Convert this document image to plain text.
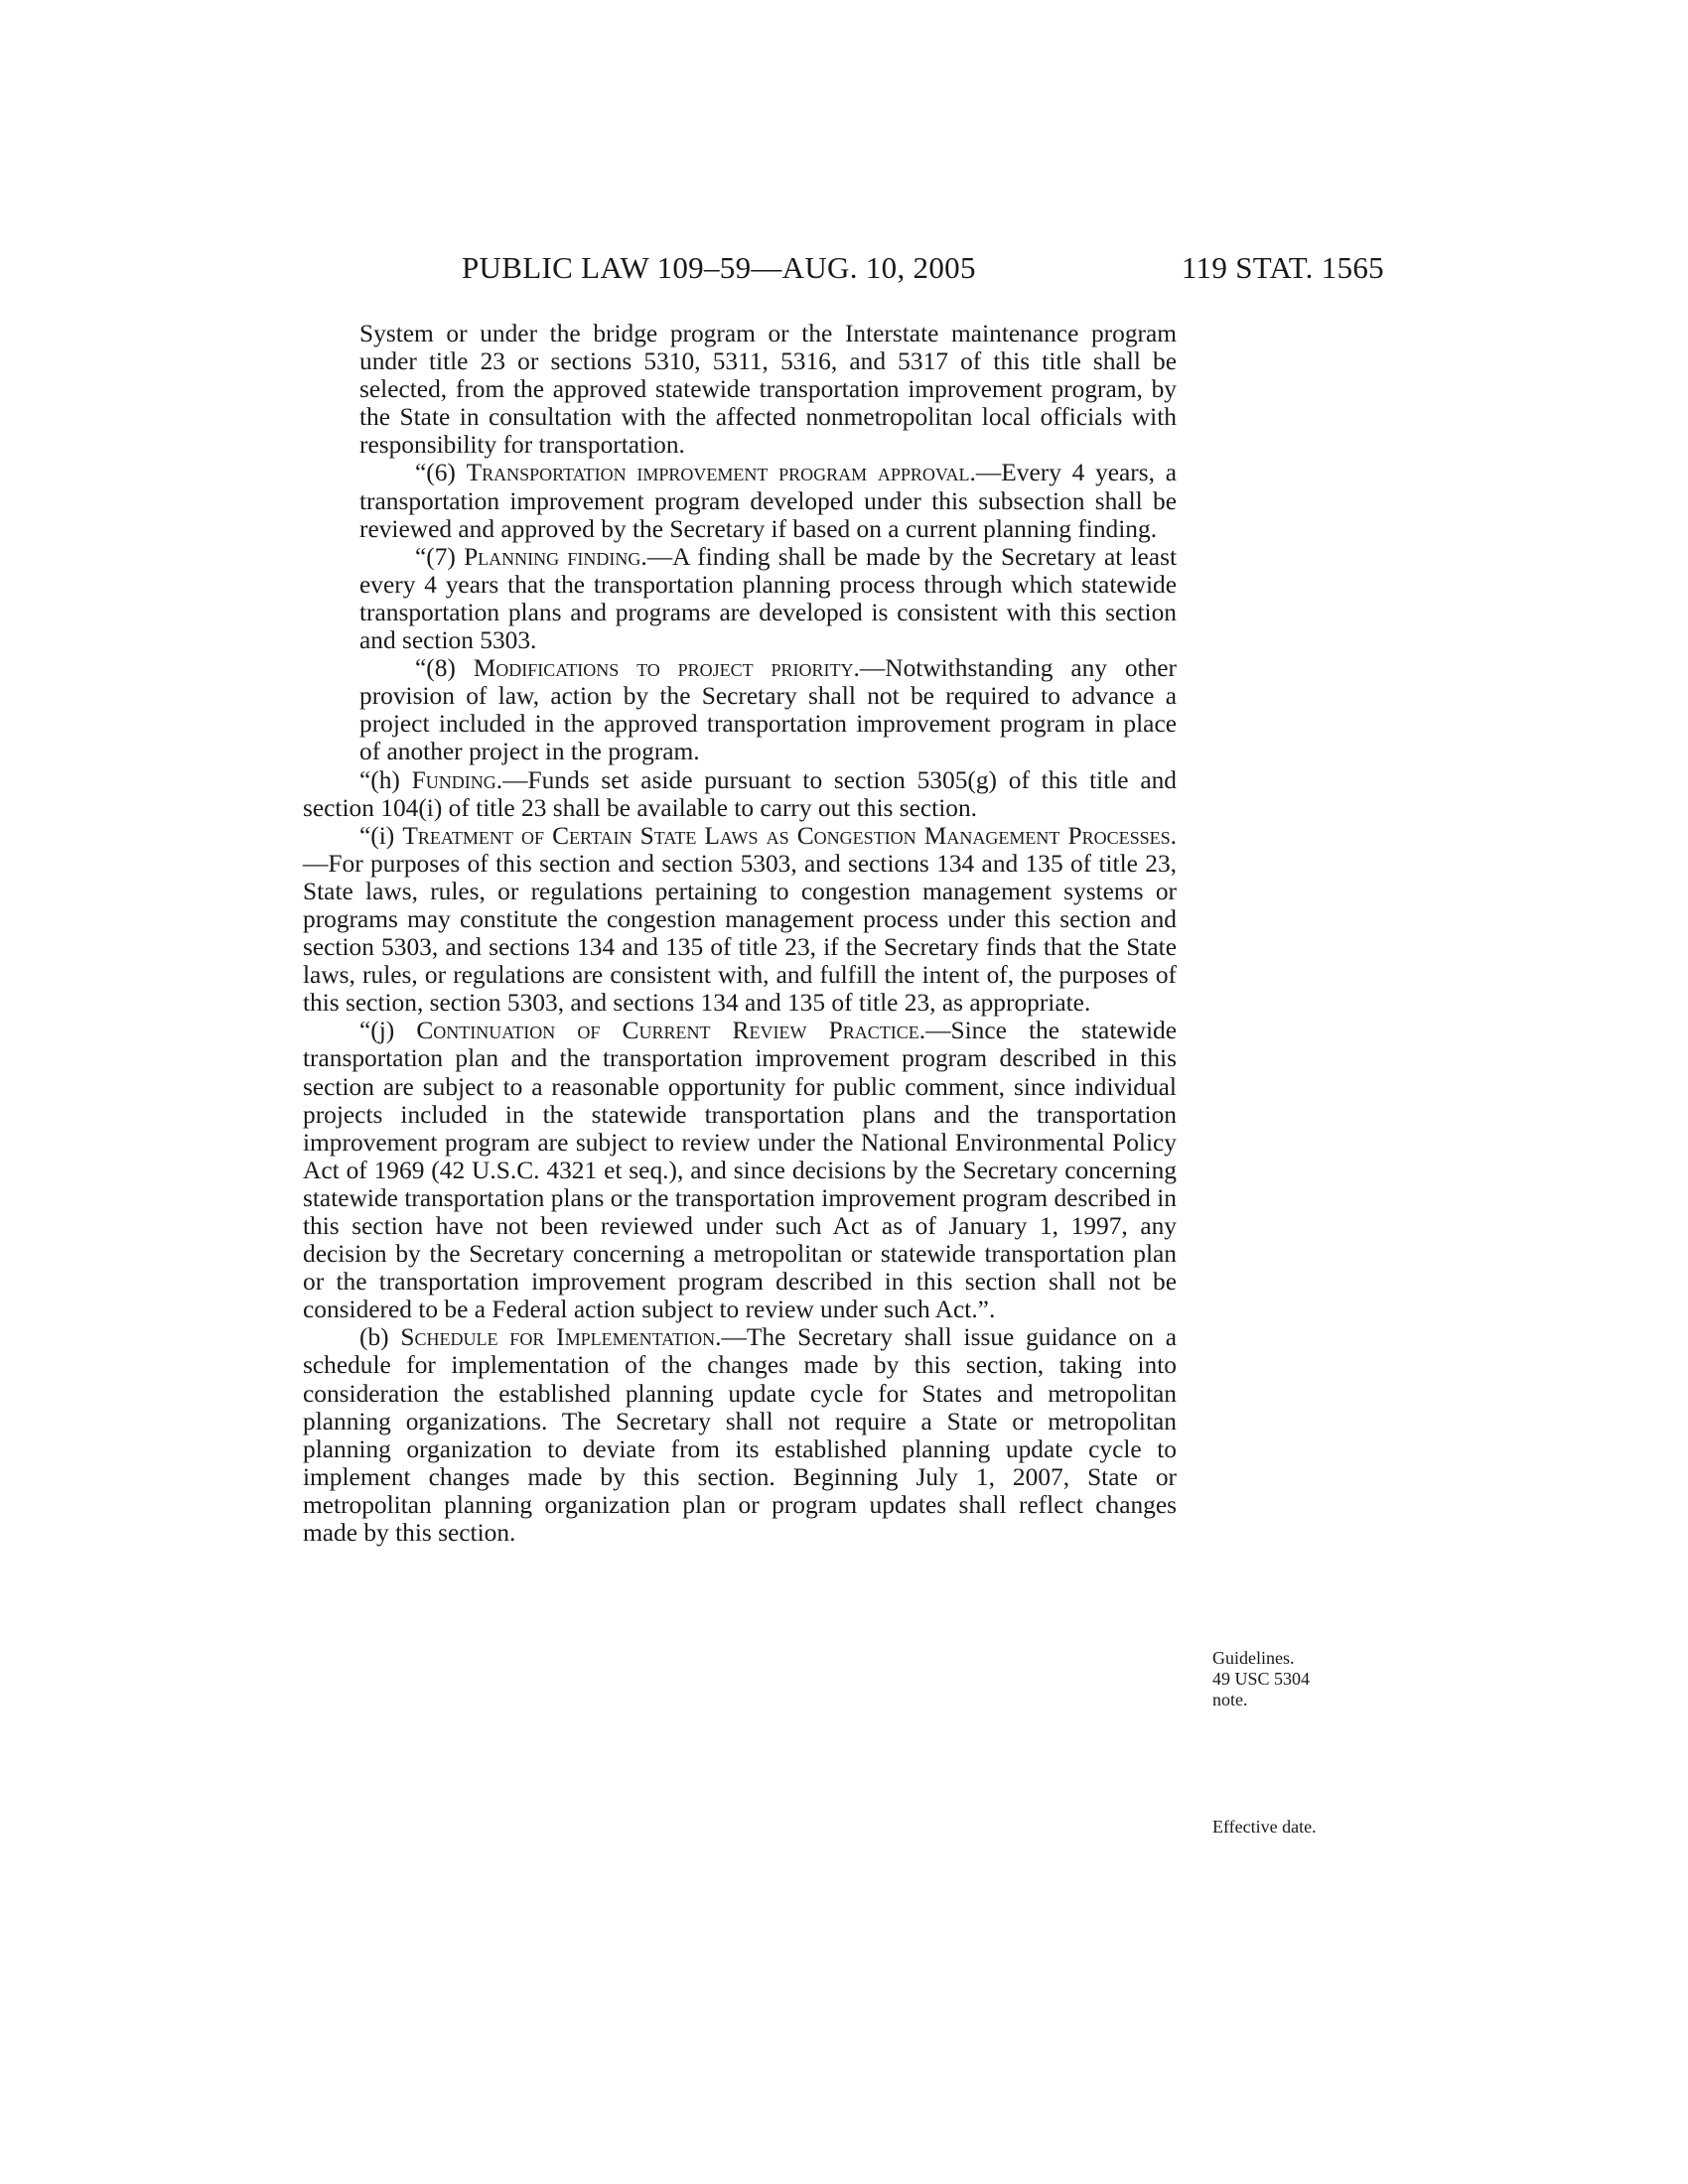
PUBLIC LAW 109–59—AUG. 10, 2005	119 STAT. 1565

System or under the bridge program or the Interstate maintenance program under title 23 or sections 5310, 5311, 5316, and 5317 of this title shall be selected, from the approved statewide transportation improvement program, by the State in consultation with the affected nonmetropolitan local officials with responsibility for transportation.

“(6) Transportation improvement program approval.—Every 4 years, a transportation improvement program developed under this subsection shall be reviewed and approved by the Secretary if based on a current planning finding.

“(7) Planning finding.—A finding shall be made by the Secretary at least every 4 years that the transportation planning process through which statewide transportation plans and programs are developed is consistent with this section and section 5303.

“(8) Modifications to project priority.—Notwithstanding any other provision of law, action by the Secretary shall not be required to advance a project included in the approved transportation improvement program in place of another project in the program.

“(h) Funding.—Funds set aside pursuant to section 5305(g) of this title and section 104(i) of title 23 shall be available to carry out this section.

“(i) Treatment of Certain State Laws as Congestion Management Processes.—For purposes of this section and section 5303, and sections 134 and 135 of title 23, State laws, rules, or regulations pertaining to congestion management systems or programs may constitute the congestion management process under this section and section 5303, and sections 134 and 135 of title 23, if the Secretary finds that the State laws, rules, or regulations are consistent with, and fulfill the intent of, the purposes of this section, section 5303, and sections 134 and 135 of title 23, as appropriate.

“(j) Continuation of Current Review Practice.—Since the statewide transportation plan and the transportation improvement program described in this section are subject to a reasonable opportunity for public comment, since individual projects included in the statewide transportation plans and the transportation improvement program are subject to review under the National Environmental Policy Act of 1969 (42 U.S.C. 4321 et seq.), and since decisions by the Secretary concerning statewide transportation plans or the transportation improvement program described in this section have not been reviewed under such Act as of January 1, 1997, any decision by the Secretary concerning a metropolitan or statewide transportation plan or the transportation improvement program described in this section shall not be considered to be a Federal action subject to review under such Act.”.

(b) Schedule for Implementation.—The Secretary shall issue guidance on a schedule for implementation of the changes made by this section, taking into consideration the established planning update cycle for States and metropolitan planning organizations. The Secretary shall not require a State or metropolitan planning organization to deviate from its established planning update cycle to implement changes made by this section. Beginning July 1, 2007, State or metropolitan planning organization plan or program updates shall reflect changes made by this section.

Guidelines.
49 USC 5304
note.
Effective date.
